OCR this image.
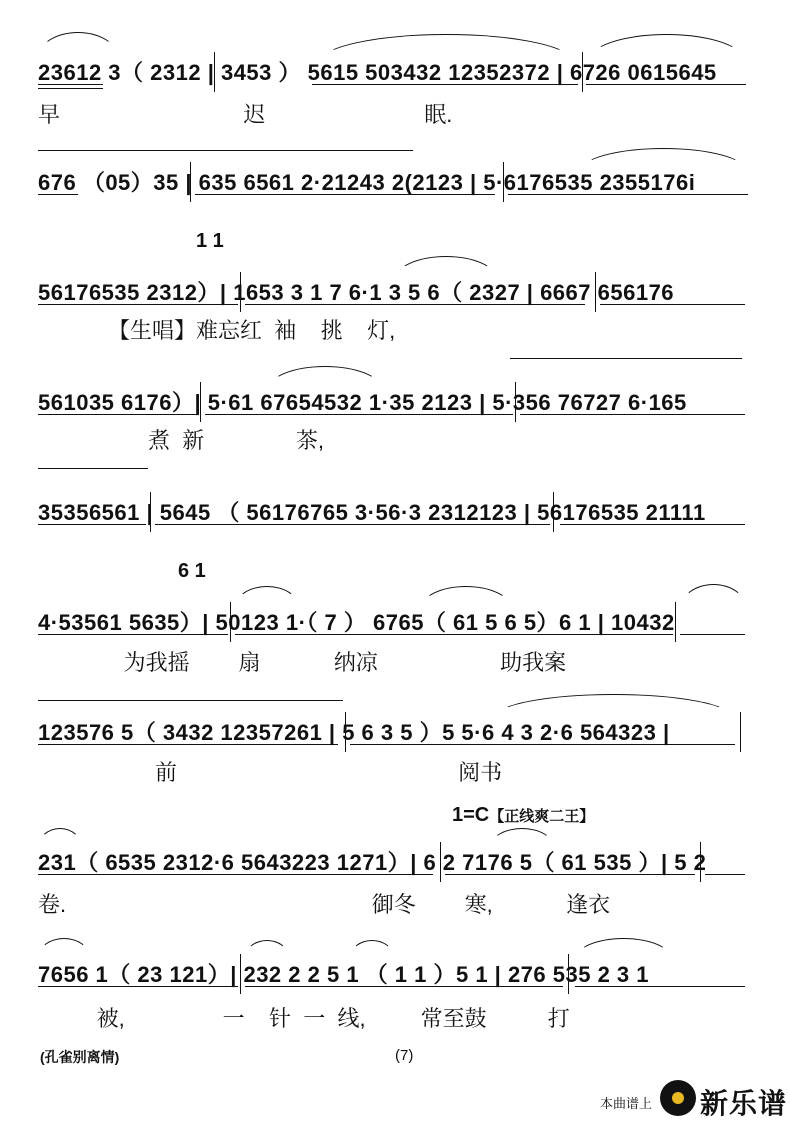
23612 3（ 2312 | 3453 ） 5615 503432 12352372 | 6726 0615645
早                              迟                          眠.
676 （05）35 | 635 6561 2·21243 2(2123 | 5·6176535 2355176i
1 1
56176535 2312）| 1653 3 1 7 6·1 3 5 6（ 2327 | 6667 656176
【生唱】难忘红  袖    挑    灯,
561035 6176）| 5·61 67654532 1·35 2123 | 5·356 76727 6·165
煮  新               茶,
35356561 | 5645 （ 56176765 3·56·3 2312123 | 56176535 21111
6 1
4·53561 5635）| 50123 1·（ 7 ） 6765（ 61 5 6 5）6 1 | 10432
为我摇        扇            纳凉                    助我案
123576 5（ 3432 12357261 | 5 6 3 5 ）5 5·6 4 3 2·6 564323 |
前                                              阅书
1=C【正线爽二王】
231（ 6535 2312·6 5643223 1271）| 6 2 7176 5（ 61 535 ）| 5 2
卷.                                                  御冬        寒,            逢衣
7656 1（ 23 121）| 232 2 2 5 1 （ 1 1 ）5 1 | 276 535 2 3 1
被,                一    针  一  线,         常至鼓          打
(孔雀别离情)	(7)
本曲谱上 新乐谱
